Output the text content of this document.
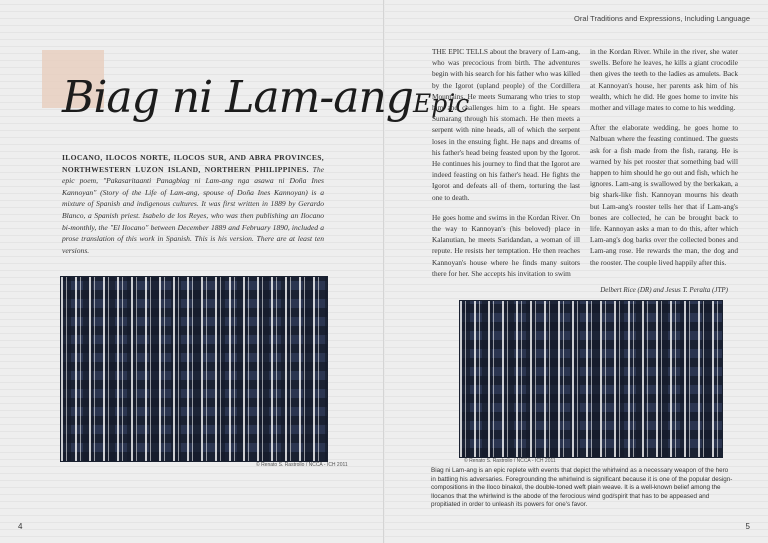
Oral Traditions and Expressions, Including Language
Biag ni Lam-angEpic
ILOCANO, ILOCOS NORTE, ILOCOS SUR, AND ABRA PROVINCES, NORTHWESTERN LUZON ISLAND, NORTHERN PHILIPPINES. The epic poem, "Pakasaritaanti Panagbiag ni Lam-ang nga asawa ni Doña Ines Kannoyan" (Story of the Life of Lam-ang, spouse of Doña Ines Kannoyan) is a mixture of Spanish and indigenous cultures. It was first written in 1889 by Gerardo Blanco, a Spanish priest. Isabelo de los Reyes, who was then publishing an Ilocano bi-monthly, the "El Ilocano" between December 1889 and February 1890, included a prose translation of this work in Spanish. This is his version. There are at least ten versions.
© Renato S. Rastrollo / NCCA - ICH 2011

THE EPIC TELLS about the bravery of Lam-ang, who was precocious from birth. The adventures begin with his search for his father who was killed by the Igorot (upland people) of the Cordillera Mountains. He meets Sumarang who tries to stop him and challenges him to a fight. He spears Sumarang through his stomach. He then meets a serpent with nine heads, all of which the serpent loses in the ensuing fight. He naps and dreams of his father's head being feasted upon by the Igorot. He continues his journey to find that the Igorot are indeed feasting on his father's head. He fights the Igorot and defeats all of them, torturing the last one to death.

He goes home and swims in the Kordan River. On the way to Kannoyan's (his beloved) place in Kalanutian, he meets Saridandan, a woman of ill repute. He resists her temptation. He then reaches Kannoyan's house where he finds many suitors there for her. She accepts his invitation to swim

in the Kordan River. While in the river, she water swells. Before he leaves, he kills a giant crocodile then gives the teeth to the ladies as amulets. Back at Kannoyan's house, her parents ask him of his wealth, which he did. He goes home to invite his mother and village mates to come to his wedding.

After the elaborate wedding, he goes home to Nalbuan where the feasting continued. The guests ask for a fish made from the fish, rarang. He is warned by his pet rooster that something bad will happen to him should he go out and fish, which he ignores. Lam-ang is swallowed by the berkakan, a big shark-like fish. Kannoyan mourns his death but Lam-ang's rooster tells her that if Lam-ang's bones are collected, he can be brought back to life. Kannoyan asks a man to do this, after which Lam-ang's dog barks over the collected bones and Lam-ang rose. He rewards the man, the dog and the rooster. The couple lived happily after this.

Delbert Rice (DR) and Jesus T. Peralta (JTP)
© Renato S. Rastrollo / NCCA - ICH 2011
Biag ni Lam-ang is an epic replete with events that depict the whirlwind as a necessary weapon of the hero in battling his adversaries. Foregrounding the whirlwind is significant because it is one of the popular design-compositions in the Iloco binakol, the double-toned weft plain weave. It is a well-known belief among the Ilocanos that the whirlwind is the abode of the ferocious wind god/spirit that has to be appeased and propitiated in order to unleash its powers for one's favor.
4	5
